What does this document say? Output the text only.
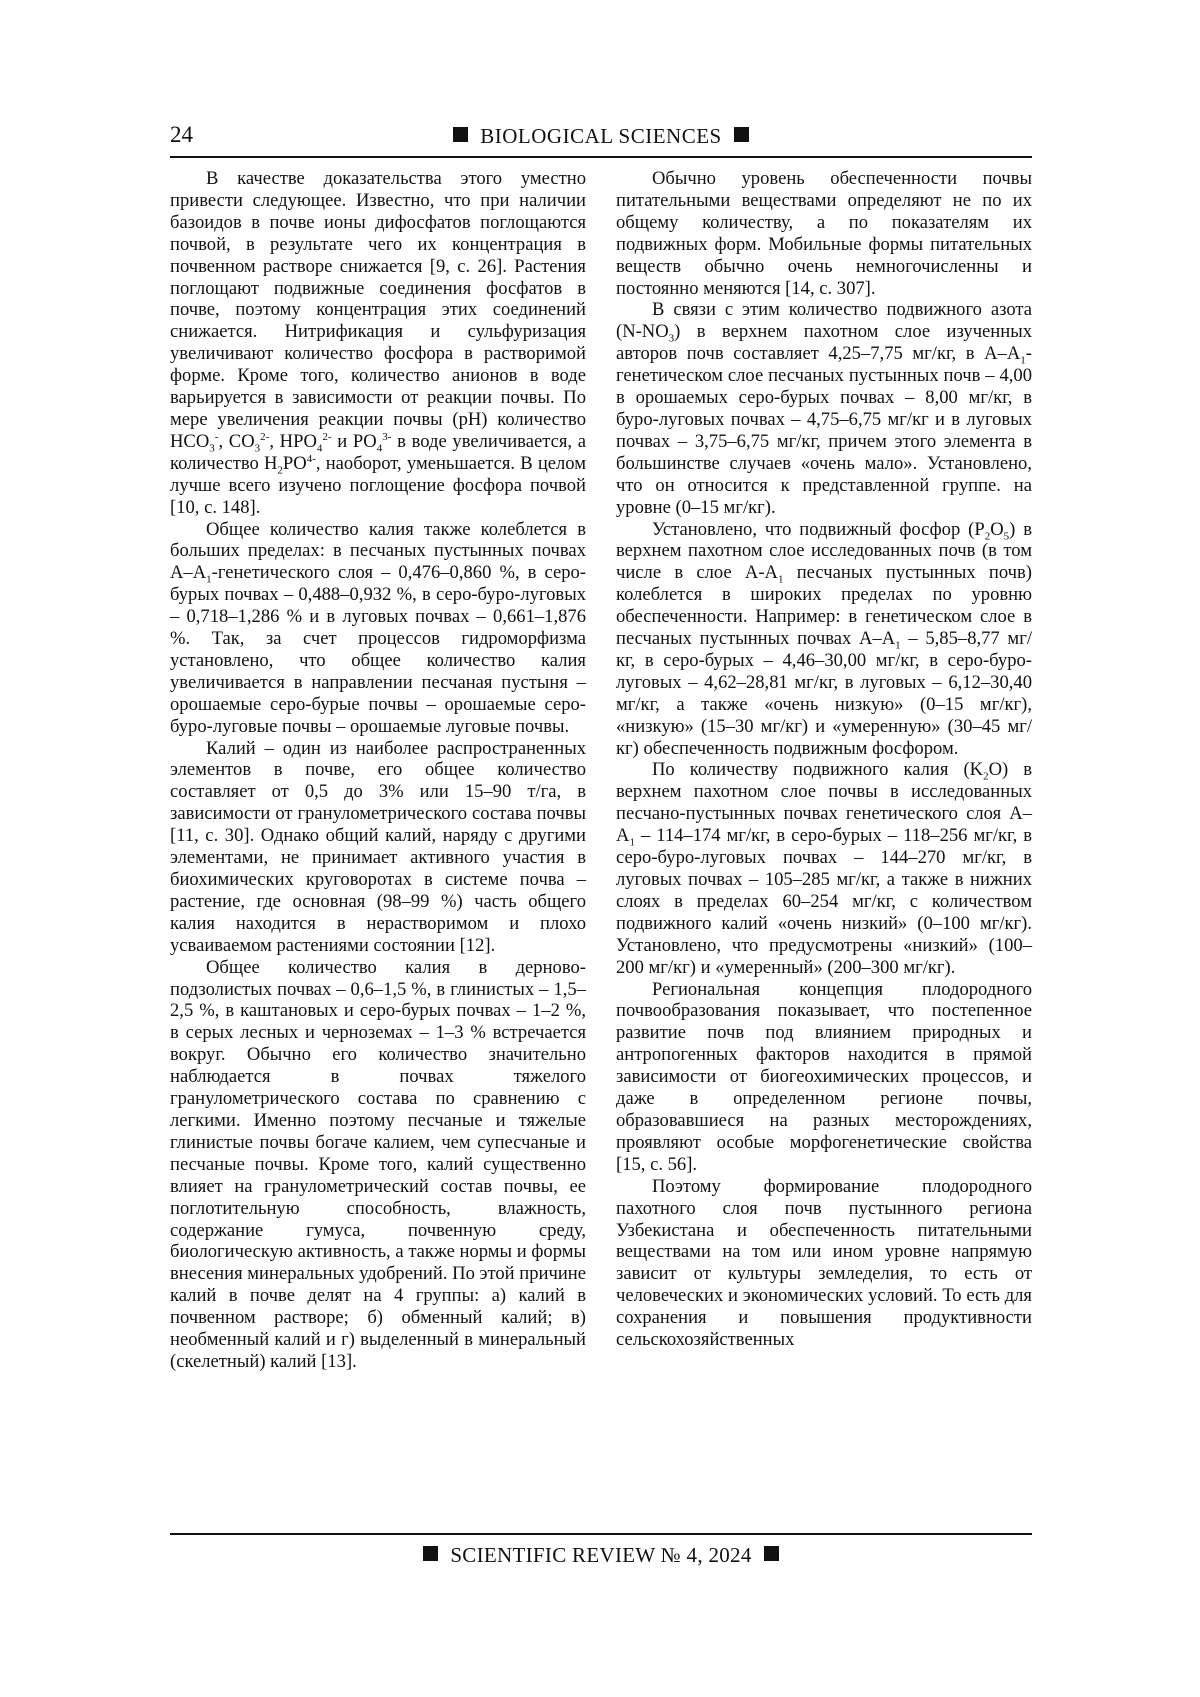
24	BIOLOGICAL SCIENCES

В качестве доказательства этого уместно привести следующее. Известно, что при наличии базоидов в почве ионы дифосфатов поглощаются почвой, в результате чего их концентрация в почвенном растворе снижается [9, с. 26]. Растения поглощают подвижные соединения фосфатов в почве, поэтому концентрация этих соединений снижается. Нитрификация и сульфуризация увеличивают количество фосфора в растворимой форме. Кроме того, количество анионов в воде варьируется в зависимости от реакции почвы. По мере увеличения реакции почвы (pH) количество $HCO_3^-$, $CO_3^{2-}$, $HPO_4^{2-}$ и $PO_4^{3-}$ в воде увеличивается, а количество $H_2PO^{4-}$, наоборот, уменьшается. В целом лучше всего изучено поглощение фосфора почвой [10, с. 148].

Общее количество калия также колеблется в больших пределах: в песчаных пустынных почвах $А-А_1$-генетического слоя – 0,476–0,860 %, в серо-бурых почвах – 0,488–0,932 %, в серо-буро-луговых – 0,718–1,286 % и в луговых почвах – 0,661–1,876 %. Так, за счет процессов гидроморфизма установлено, что общее количество калия увеличивается в направлении песчаная пустыня – орошаемые серо-бурые почвы – орошаемые серо-буро-луговые почвы – орошаемые луговые почвы.

Калий – один из наиболее распространенных элементов в почве, его общее количество составляет от 0,5 до 3% или 15–90 т/га, в зависимости от гранулометрического состава почвы [11, с. 30]. Однако общий калий, наряду с другими элементами, не принимает активного участия в биохимических круговоротах в системе почва – растение, где основная (98–99 %) часть общего калия находится в нерастворимом и плохо усваиваемом растениями состоянии [12].

Общее количество калия в дерново-подзолистых почвах – 0,6–1,5 %, в глинистых – 1,5–2,5 %, в каштановых и серо-бурых почвах – 1–2 %, в серых лесных и черноземах – 1–3 % встречается вокруг. Обычно его количество значительно наблюдается в почвах тяжелого гранулометрического состава по сравнению с легкими. Именно поэтому песчаные и тяжелые глинистые почвы богаче калием, чем супесчаные и песчаные почвы. Кроме того, калий существенно влияет на гранулометрический состав почвы, ее поглотительную способность, влажность, содержание гумуса, почвенную среду, биологическую активность, а также нормы и формы внесения минеральных удобрений. По этой причине калий в почве делят на 4 группы: а) калий в почвенном растворе; б) обменный калий; в) необменный калий и г) выделенный в минеральный (скелетный) калий [13].

Обычно уровень обеспеченности почвы питательными веществами определяют не по их общему количеству, а по показателям их подвижных форм. Мобильные формы питательных веществ обычно очень немногочисленны и постоянно меняются [14, с. 307].

В связи с этим количество подвижного азота $(N-NO_3)$ в верхнем пахотном слое изученных авторов почв составляет 4,25–7,75 мг/кг, в $А-А_1$-генетическом слое песчаных пустынных почв – 4,00 в орошаемых серо-бурых почвах – 8,00 мг/кг, в буро-луговых почвах – 4,75–6,75 мг/кг и в луговых почвах – 3,75–6,75 мг/кг, причем этого элемента в большинстве случаев «очень мало». Установлено, что он относится к представленной группе. на уровне (0–15 мг/кг).

Установлено, что подвижный фосфор $(P_2O_5)$ в верхнем пахотном слое исследованных почв (в том числе в слое $А-А_1$ песчаных пустынных почв) колеблется в широких пределах по уровню обеспеченности. Например: в генетическом слое в песчаных пустынных почвах $А-А_1 - 5,85-8,77$ мг/кг, в серо-бурых – 4,46–30,00 мг/кг, в серо-буро-луговых – 4,62–28,81 мг/кг, в луговых – 6,12–30,40 мг/кг, а также «очень низкую» (0–15 мг/кг), «низкую» (15–30 мг/кг) и «умеренную» (30–45 мг/кг) обеспеченность подвижным фосфором.

По количеству подвижного калия $(K_2O)$ в верхнем пахотном слое почвы в исследованных песчано-пустынных почвах генетического слоя $А-А_1 - 114-174$ мг/кг, в серо-бурых – 118–256 мг/кг, в серо-буро-луговых почвах – 144–270 мг/кг, в луговых почвах – 105–285 мг/кг, а также в нижних слоях в пределах 60–254 мг/кг, с количеством подвижного калий «очень низкий» (0–100 мг/кг). Установлено, что предусмотрены «низкий» (100–200 мг/кг) и «умеренный» (200–300 мг/кг).

Региональная концепция плодородного почвообразования показывает, что постепенное развитие почв под влиянием природных и антропогенных факторов находится в прямой зависимости от биогеохимических процессов, и даже в определенном регионе почвы, образовавшиеся на разных месторождениях, проявляют особые морфогенетические свойства [15, с. 56].

Поэтому формирование плодородного пахотного слоя почв пустынного региона Узбекистана и обеспеченность питательными веществами на том или ином уровне напрямую зависит от культуры земледелия, то есть от человеческих и экономических условий. То есть для сохранения и повышения продуктивности сельскохозяйственных

SCIENTIFIC REVIEW № 4, 2024
